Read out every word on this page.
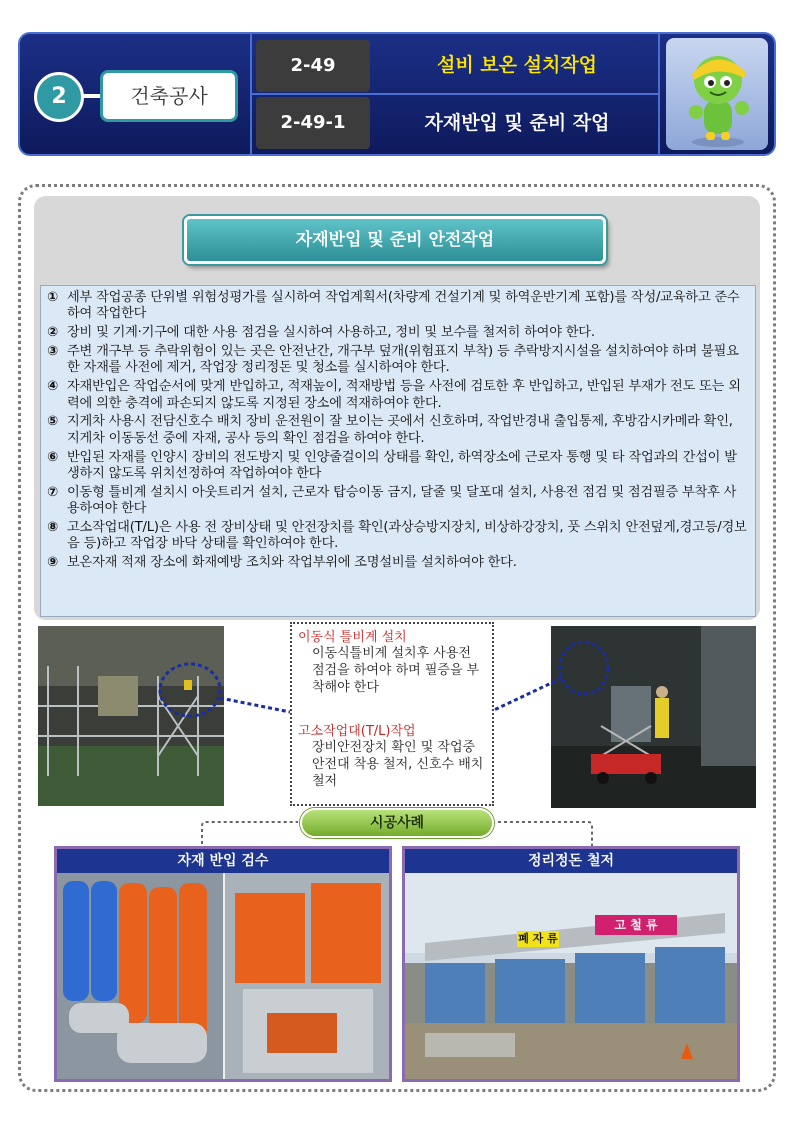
2	건축공사
2-49
2-49-1
설비 보온 설치작업
자재반입 및 준비 작업
자재반입 및 준비 안전작업
① 세부 작업공종 단위별 위험성평가를 실시하여 작업계획서(차량계 건설기계 및 하역운반기계 포함)를 작성/교육하고 준수하여 작업한다
② 장비 및 기계·기구에 대한 사용 점검을 실시하여 사용하고, 정비 및 보수를 철저히 하여야 한다.
③ 주변 개구부 등 추락위험이 있는 곳은 안전난간, 개구부 덮개(위험표지 부착) 등 추락방지시설을 설치하여야 하며 불필요한 자재를 사전에 제거, 작업장 정리정돈 및 청소를 실시하여야 한다.
④ 자재반입은 작업순서에 맞게 반입하고, 적재높이, 적재방법 등을 사전에 검토한 후 반입하고, 반입된 부재가 전도 또는 외력에 의한 충격에 파손되지 않도록 지정된 장소에 적재하여야 한다.
⑤ 지게차 사용시 전담신호수 배치 장비 운전원이 잘 보이는 곳에서 신호하며, 작업반경내 출입통제, 후방감시카메라 확인, 지게차 이동동선 중에 자재, 공사 등의 확인 점검을 하여야 한다.
⑥ 반입된 자재를 인양시 장비의 전도방지 및 인양줄걸이의 상태를 확인, 하역장소에 근로자 통행 및 타 작업과의 간섭이 발생하지 않도록 위치선정하여 작업하여야 한다
⑦ 이동형 틀비계 설치시 아웃트리거 설치, 근로자 탑승이동 금지, 달줄 및 달포대 설치, 사용전 점검 및 점검필증 부착후 사용하여야 한다
⑧ 고소작업대(T/L)은 사용 전 장비상태 및 안전장치를 확인(과상승방지장치, 비상하강장치, 풋 스위치 안전덮게,경고등/경보음 등)하고 작업장 바닥 상태를 확인하여야 한다.
⑨ 보온자재 적재 장소에 화재예방 조치와 작업부위에 조명설비를 설치하여야 한다.
이동식 틀비계 설치
이동식틀비계 설치후 사용전 점검을 하여야 하며 필증을 부착해야 한다
고소작업대(T/L)작업
장비안전장치 확인 및 작업중 안전대 착용 철저, 신호수 배치 철저
시공사례
자재 반입 검수	정리정돈 철저
폐 자 류
고 철 류
